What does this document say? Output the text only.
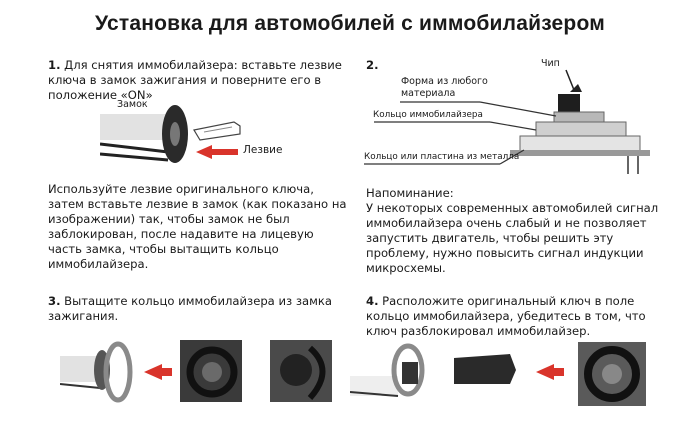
Установка для автомобилей с иммобилайзером
1. Для снятия иммобилайзера: вставьте лезвие
ключа в замок зажигания и поверните его в
положение «ON»
Замок
Лезвие
Используйте лезвие оригинального ключа,
затем вставьте лезвие в замок (как показано на
изображении) так, чтобы замок не был
заблокирован, после надавите на лицевую
часть замка, чтобы вытащить кольцо
иммобилайзера.
2.	Чип
Форма из любого
материала
Кольцо иммобилайзера
Кольцо или пластина из металла
Напоминание:
У некоторых современных автомобилей сигнал
иммобилайзера очень слабый и не позволяет
запустить двигатель, чтобы решить эту
проблему, нужно повысить сигнал индукции
микросхемы.
3. Вытащите кольцо иммобилайзера из замка
зажигания.
4. Расположите оригинальный ключ в поле
кольцо иммобилайзера, убедитесь в том, что
ключ разблокировал иммобилайзер.
